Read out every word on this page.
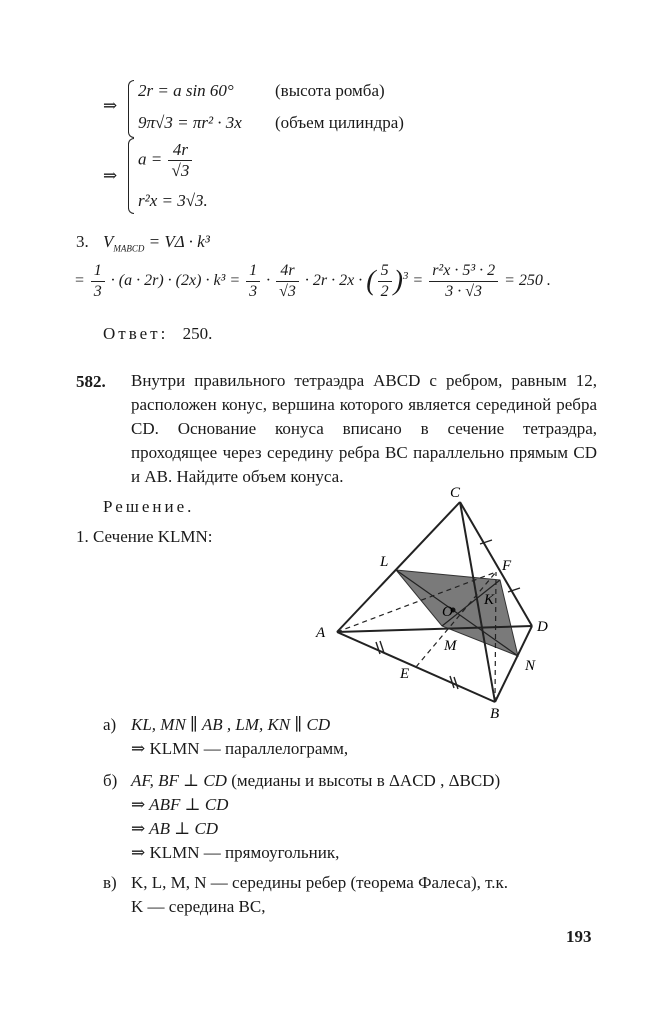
⇒
2r = a sin 60° (высота ромба)
9π√3 = πr² · 3x (объем цилиндра)
⇒
$a = \frac{4r}{√3}$
r²x = 3√3.
3. $V_{MABCD} = V\Delta \cdot k^3$
= $\frac{1}{3} \cdot (a \cdot 2r) \cdot (2x) \cdot k^3 = \frac{1}{3} \cdot \frac{4r}{√3} \cdot 2r \cdot 2x$ · ( $\frac{5}{2} )^3 = \frac{\text{r²x · 5³ · 2}}{3 \cdot √3} = 250$ .
Ответ: 250.
582. Внутри правильного тетраэдра ABCD с ребром, равным 12, расположен конус, вершина которого является серединой ребра CD. Основание конуса вписано в сечение тетраэдра, проходящее через середину ребра BC параллельно прямым CD и AB. Найдите объем конуса.
Решение.
1. Сечение KLMN:
C
L	F
K
O
A
M
D
E	N
B
а) KL, MN ∥ AB , LM, KN ∥ CD
⇒ KLMN — параллелограмм,
б) AF, BF ⊥ CD (медианы и высоты в ΔACD , ΔBCD)
⇒ ABF ⊥ CD
⇒ AB ⊥ CD
⇒ KLMN — прямоугольник,
в) K, L, M, N — середины ребер (теорема Фалеса), т.к.
K — середина BC,
193
